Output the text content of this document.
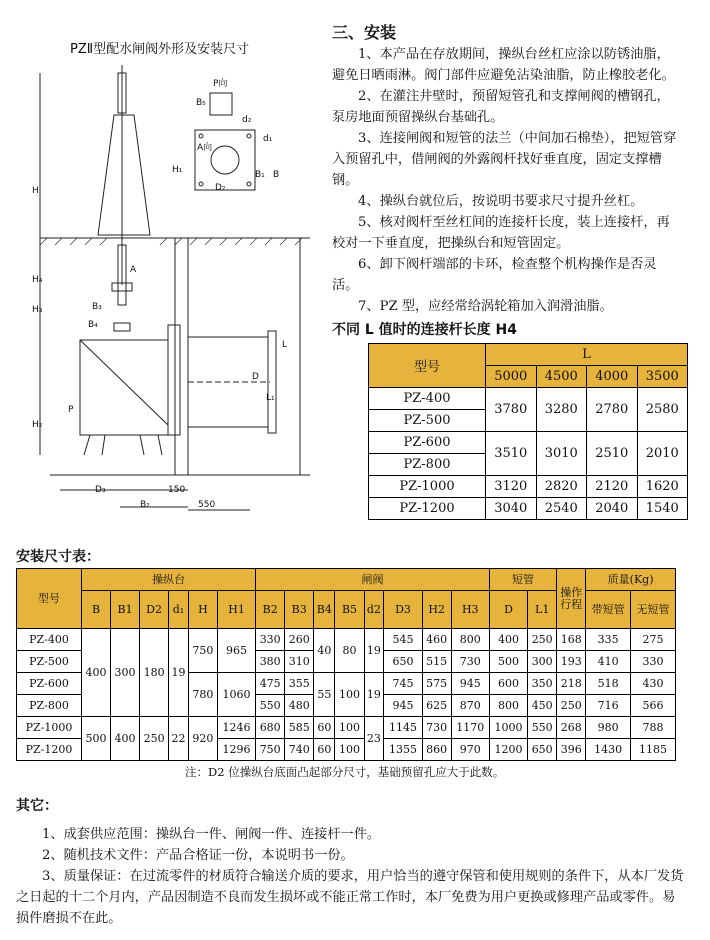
PZⅡ型配水闸阀外形及安装尺寸
P向
A向
H
H₁
H₂
H₃
H₄
B
B₁
B₂
B₃
B₄
B₅
D
D₂
D₃
d₁
d₂
L
L₁
A
P
150
550
三、安装
1、本产品在存放期间，操纵台丝杠应涂以防锈油脂，避免日晒雨淋。阀门部件应避免沾染油脂，防止橡胶老化。
2、在灌注井壁时，预留短管孔和支撑闸阀的槽钢孔，泵房地面预留操纵台基础孔。
3、连接闸阀和短管的法兰（中间加石棉垫），把短管穿入预留孔中，借闸阀的外露阀杆找好垂直度，固定支撑槽钢。
4、操纵台就位后，按说明书要求尺寸提升丝杠。
5、核对阀杆至丝杠间的连接杆长度，装上连接杆，再校对一下垂直度，把操纵台和短管固定。
6、卸下阀杆端部的卡环，检查整个机构操作是否灵活。
7、PZ 型，应经常给涡轮箱加入润滑油脂。
不同 L 值时的连接杆长度 H4
型号	L			
	5000	4500	4000	3500
PZ-400	3780	3280	2780	2580
PZ-500				
PZ-600	3510	3010	2510	2010
PZ-800				
PZ-1000	3120	2820	2120	1620
PZ-1200	3040	2540	2040	1540
安装尺寸表：
型号	操纵台						闸阀								短管		操作行程	质量(Kg)	
	B	B1	D2	d₁	H	H1	B2	B3	B4	B5	d2	D3	H2	H3	D	L1		带短管	无短管
PZ-400	400	300	180	19	750	965	330	260	40	80	19	545	460	800	400	250	168	335	275
PZ-500							380	310				650	515	730	500	300	193	410	330
PZ-600					780	1060	475	355	55	100	19	745	575	945	600	350	218	518	430
PZ-800							550	480				945	625	870	800	450	250	716	566
PZ-1000	500	400	250	22	920	1246	680	585	60	100	23	1145	730	1170	1000	550	268	980	788
PZ-1200						1296	750	740	60	100		1355	860	970	1200	650	396	1430	1185
注：D2 位操纵台底面凸起部分尺寸，基础预留孔应大于此数。
其它：
1、成套供应范围：操纵台一件、闸阀一件、连接杆一件。
2、随机技术文件：产品合格证一份，本说明书一份。
3、质量保证：在过流零件的材质符合输送介质的要求，用户恰当的遵守保管和使用规则的条件下，从本厂发货之日起的十二个月内，产品因制造不良而发生损坏或不能正常工作时，本厂免费为用户更换或修理产品或零件。易损件磨损不在此。
